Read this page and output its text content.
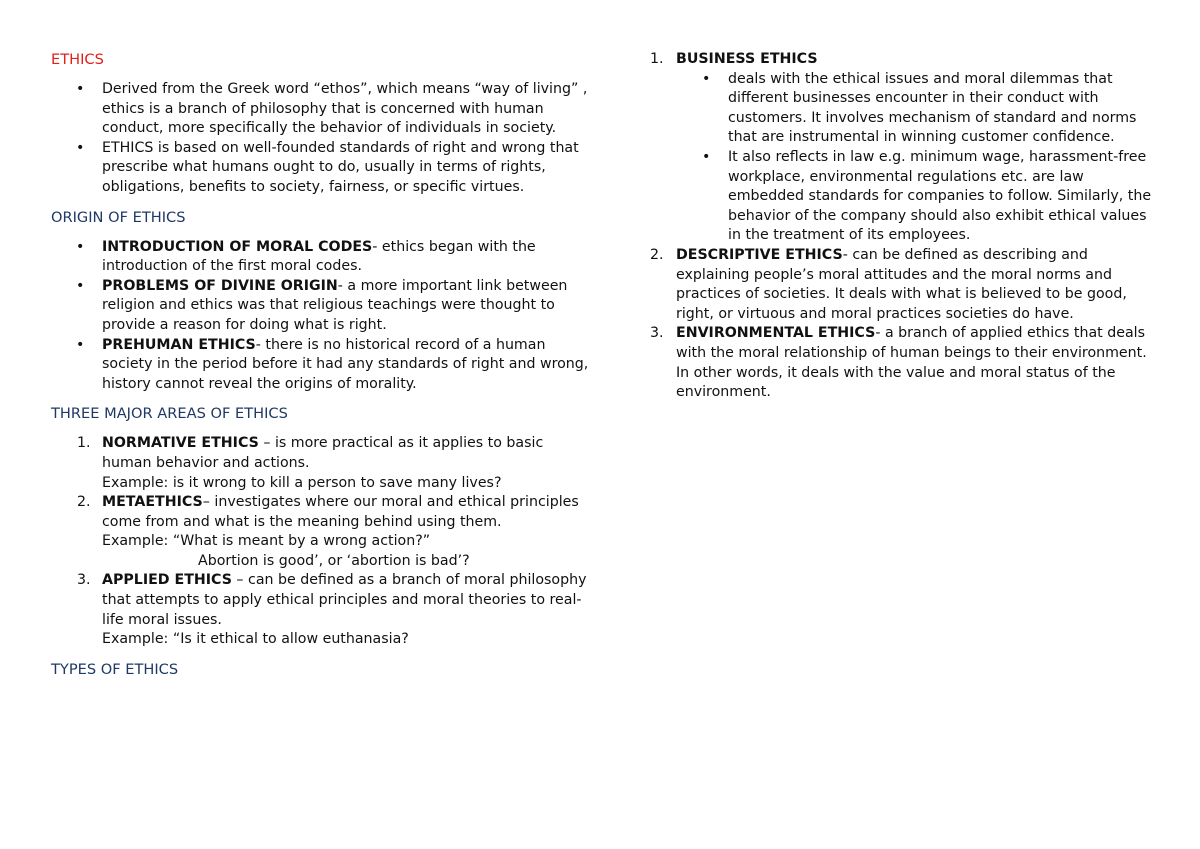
ETHICS
• Derived from the Greek word “ethos”, which means “way of living” , ethics is a branch of philosophy that is concerned with human conduct, more specifically the behavior of individuals in society.
• ETHICS is based on well-founded standards of right and wrong that prescribe what humans ought to do, usually in terms of rights, obligations, benefits to society, fairness, or specific virtues.
ORIGIN OF ETHICS
• INTRODUCTION OF MORAL CODES- ethics began with the introduction of the first moral codes.
• PROBLEMS OF DIVINE ORIGIN- a more important link between religion and ethics was that religious teachings were thought to provide a reason for doing what is right.
• PREHUMAN ETHICS- there is no historical record of a human society in the period before it had any standards of right and wrong, history cannot reveal the origins of morality.
THREE MAJOR AREAS OF ETHICS
1. NORMATIVE ETHICS – is more practical as it applies to basic human behavior and actions.
Example: is it wrong to kill a person to save many lives?
2. METAETHICS– investigates where our moral and ethical principles come from and what is the meaning behind using them.
Example: “What is meant by a wrong action?”
Abortion is good’, or ‘abortion is bad’?
3. APPLIED ETHICS – can be defined as a branch of moral philosophy that attempts to apply ethical principles and moral theories to real-life moral issues.
Example: “Is it ethical to allow euthanasia?
TYPES OF ETHICS
1. BUSINESS ETHICS
• deals with the ethical issues and moral dilemmas that different businesses encounter in their conduct with customers. It involves mechanism of standard and norms that are instrumental in winning customer confidence.
• It also reflects in law e.g. minimum wage, harassment-free workplace, environmental regulations etc. are law embedded standards for companies to follow. Similarly, the behavior of the company should also exhibit ethical values in the treatment of its employees.
2. DESCRIPTIVE ETHICS- can be defined as describing and explaining people’s moral attitudes and the moral norms and practices of societies. It deals with what is believed to be good, right, or virtuous and moral practices societies do have.
3. ENVIRONMENTAL ETHICS- a branch of applied ethics that deals with the moral relationship of human beings to their environment. In other words, it deals with the value and moral status of the environment.
